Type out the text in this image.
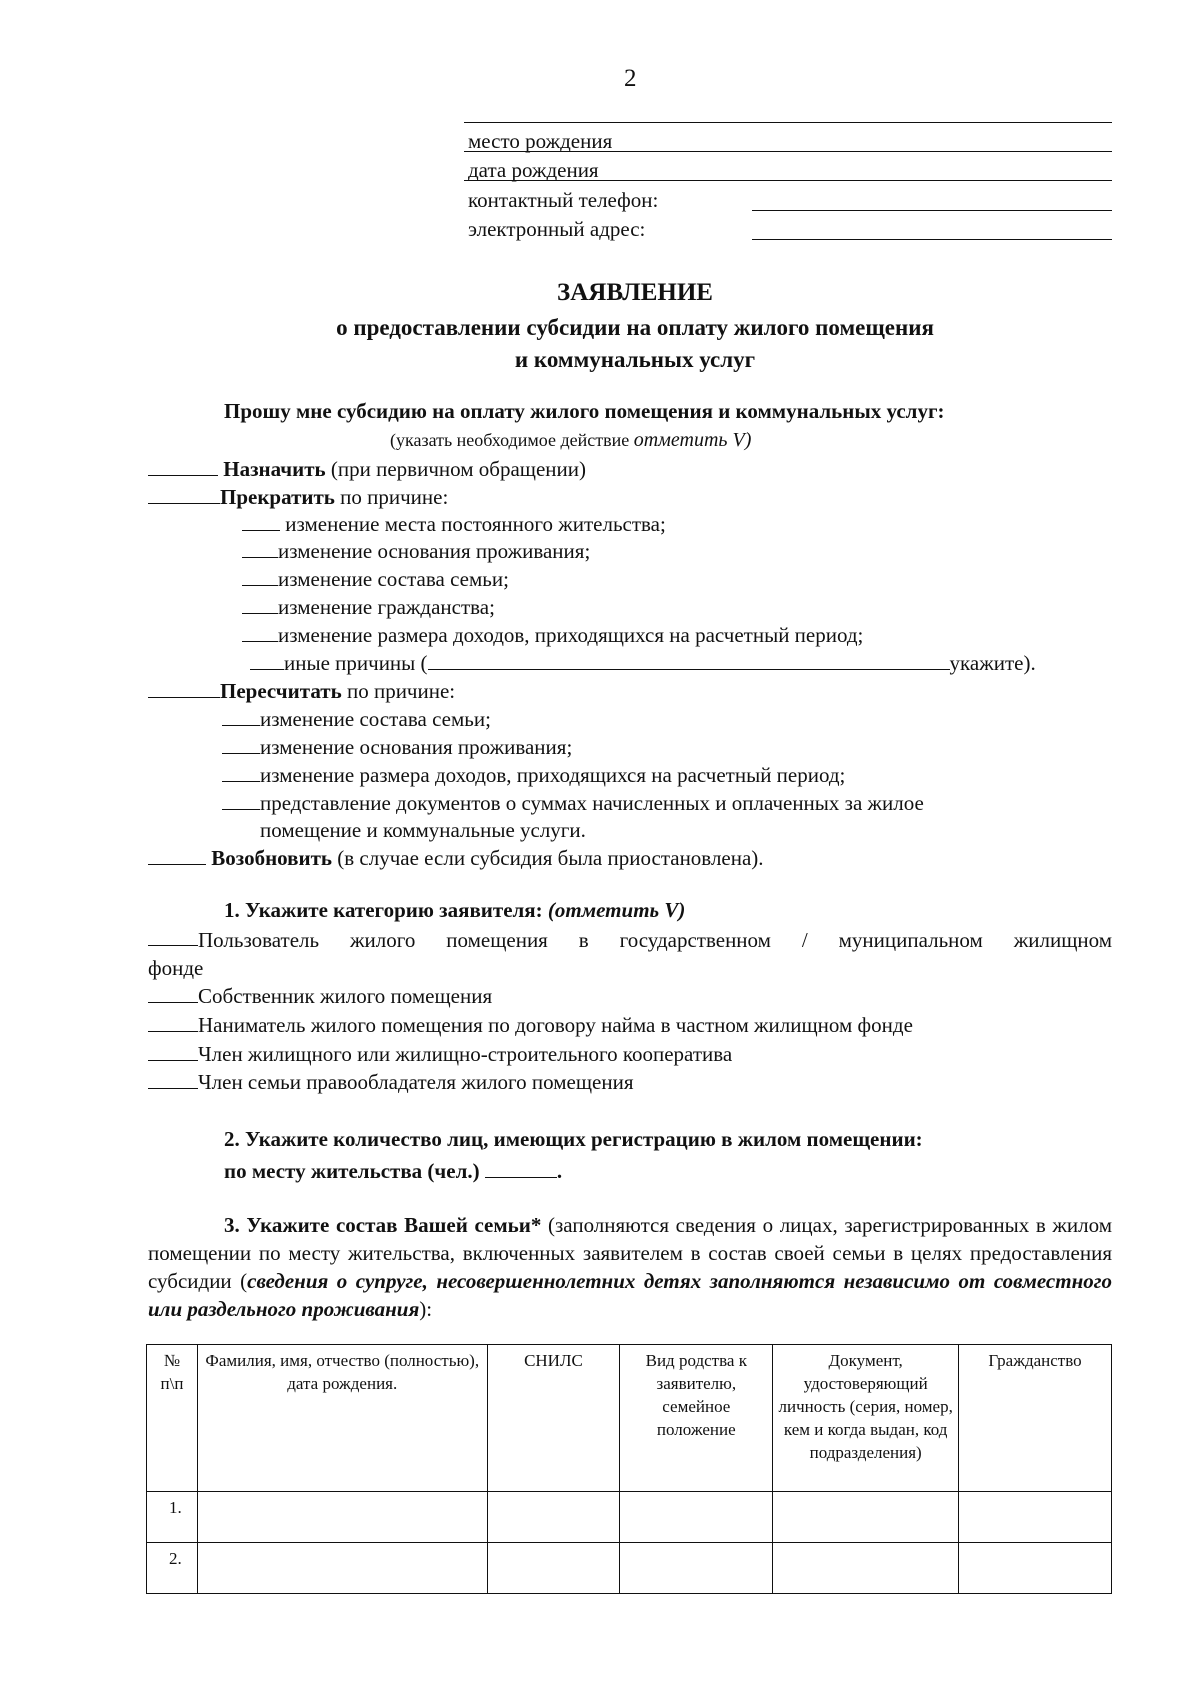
2
место рождения
дата рождения
контактный телефон:
электронный адрес:
ЗАЯВЛЕНИЕ
о предоставлении субсидии на оплату жилого помещения
и коммунальных услуг
Прошу мне субсидию на оплату жилого помещения и коммунальных услуг:
(указать необходимое действие отметить V)
Назначить (при первичном обращении)
Прекратить по причине:
изменение места постоянного жительства;
изменение основания проживания;
изменение состава семьи;
изменение гражданства;
изменение размера доходов, приходящихся на расчетный период;
иные причины (	укажите).
Пересчитать по причине:
изменение состава семьи;
изменение основания проживания;
изменение размера доходов, приходящихся на расчетный период;
представление документов о суммах начисленных и оплаченных за жилое
помещение и коммунальные услуги.
Возобновить (в случае если субсидия была приостановлена).
1. Укажите категорию заявителя: (отметить V)
Пользователь жилого помещения в государственном / муниципальном жилищном
фонде
Собственник жилого помещения
Наниматель жилого помещения по договору найма в частном жилищном фонде
Член жилищного или жилищно-строительного кооператива
Член семьи правообладателя жилого помещения
2. Укажите количество лиц, имеющих регистрацию в жилом помещении:
по месту жительства (чел.)	.
3. Укажите состав Вашей семьи* (заполняются сведения о лицах, зарегистрированных в жилом помещении по месту жительства, включенных заявителем в состав своей семьи в целях предоставления субсидии (сведения о супруге, несовершеннолетних детях заполняются независимо от совместного или раздельного проживания):
№ п\п	Фамилия, имя, отчество (полностью), дата рождения.	СНИЛС	Вид родства к заявителю, семейное положение	Документ, удостоверяющий личность (серия, номер, кем и когда выдан, код подразделения)	Гражданство
1.					
2.					
